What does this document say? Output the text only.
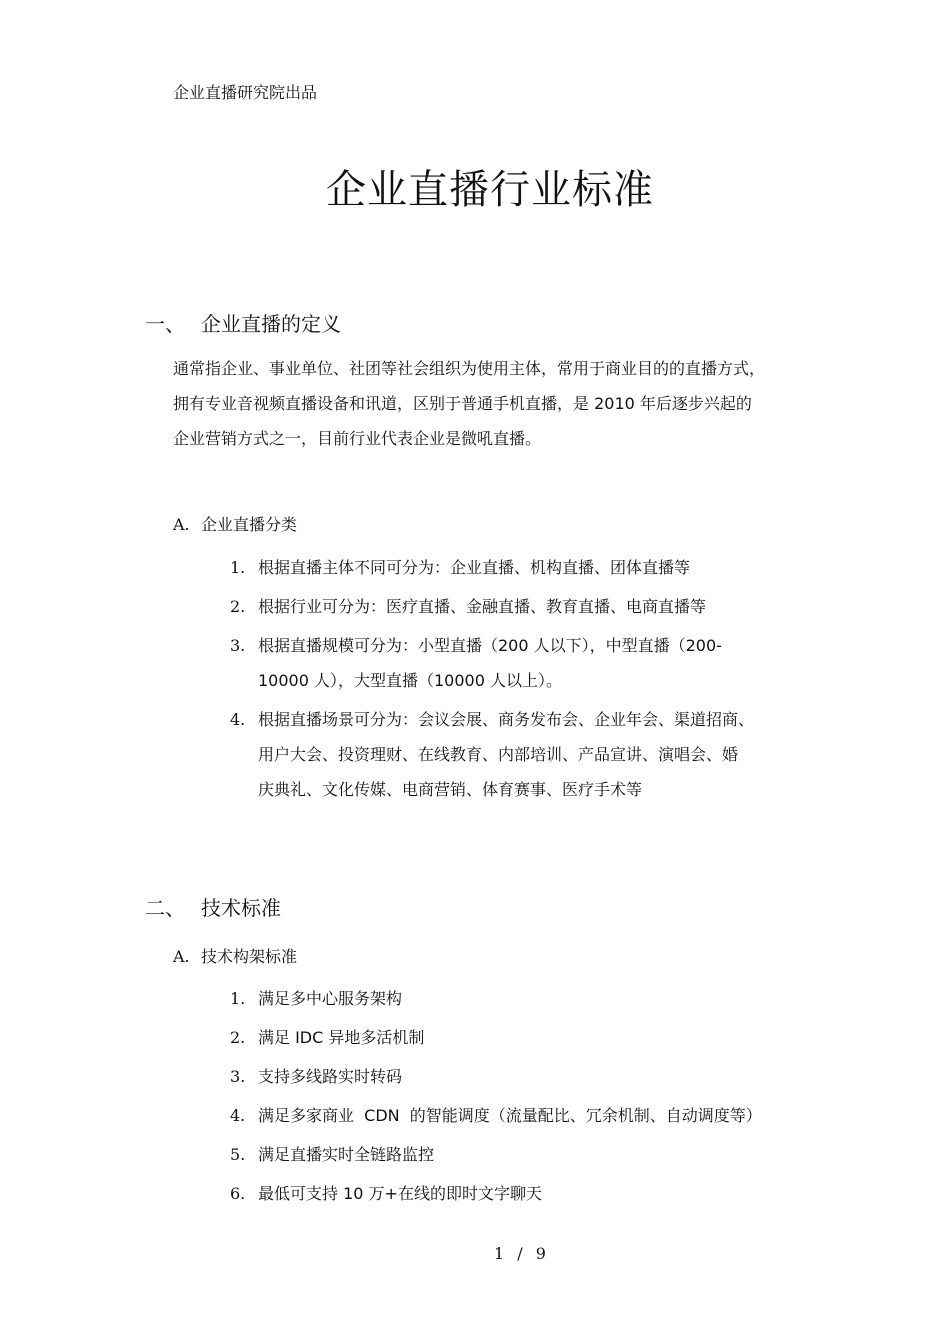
企业直播研究院出品
企业直播行业标准
一、 企业直播的定义
通常指企业、事业单位、社团等社会组织为使用主体，常用于商业目的的直播方式，
拥有专业音视频直播设备和讯道，区别于普通手机直播，是 2010 年后逐步兴起的
企业营销方式之一，目前行业代表企业是微吼直播。
A. 企业直播分类
1. 根据直播主体不同可分为：企业直播、机构直播、团体直播等
2. 根据行业可分为：医疗直播、金融直播、教育直播、电商直播等
3. 根据直播规模可分为：小型直播（200 人以下），中型直播（200-
10000 人），大型直播（10000 人以上）。
4. 根据直播场景可分为：会议会展、商务发布会、企业年会、渠道招商、
用户大会、投资理财、在线教育、内部培训、产品宣讲、演唱会、婚
庆典礼、文化传媒、电商营销、体育赛事、医疗手术等
二、 技术标准
A. 技术构架标准
1. 满足多中心服务架构
2. 满足 IDC 异地多活机制
3. 支持多线路实时转码
4. 满足多家商业  CDN  的智能调度（流量配比、冗余机制、自动调度等）
5. 满足直播实时全链路监控
6. 最低可支持 10 万+在线的即时文字聊天
1 / 9
